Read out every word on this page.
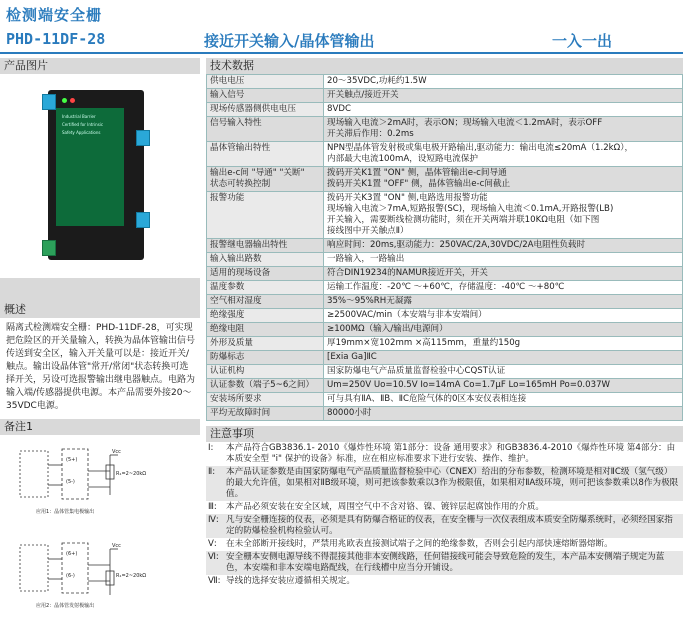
检测端安全栅
PHD-11DF-28	接近开关输入/晶体管输出	一入一出
产品图片
Industrial Barrier
Certified for Intrinsic
Safety Applications
概述
隔离式检测端安全栅：PHD-11DF-28，可实现把危险区的开关量输入，转换为晶体管输出信号传送到安全区，输入开关量可以是：接近开关/触点。输出设晶体管"常开/常闭"状态转换可选择开关，另设可选报警输出继电器触点。电路为输入端/传感器提供电源。本产品需要外接20～35VDC电源。
备注1
Vcc
R₁=2~20kΩ
(5+)
(5-)
应用1：晶体管集电极输出
Vcc
R₁=2~20kΩ
(6+)
(6-)
应用2：晶体管发射极输出
技术数据
供电电压	20～35VDC,功耗约1.5W
输入信号	开关触点/接近开关
现场传感器侧供电电压	8VDC
信号输入特性	现场输入电流＞2mA时，表示ON；现场输入电流＜1.2mA时，表示OFF
开关滞后作用：0.2ms
晶体管输出特性	NPN型晶体管发射极或集电极开路输出,驱动能力：输出电流≤20mA（1.2kΩ），
内部最大电流100mA，设短路电流保护
输出e-c间 "导通" "关断"
状态可转换控制	拨码开关K1置 "ON" 侧，晶体管输出e-c间导通
拨码开关K1置 "OFF" 侧，晶体管输出e-c间截止
报警功能	拨码开关K3置 "ON" 侧,电路选用报警功能
现场输入电流＞7mA,短路报警(SC)，现场输入电流＜0.1mA,开路报警(LB)
开关输入，需要断线检测功能时，须在开关两端并联10KΩ电阻（如下图
接线图中开关触点Ⅱ）
报警继电器输出特性	响应时间：20ms,驱动能力：250VAC/2A,30VDC/2A电阻性负载时
输入输出路数	一路输入，一路输出
适用的现场设备	符合DIN19234的NAMUR接近开关，开关
温度参数	运输工作温度：-20℃ ～+60℃，存储温度：-40℃ ～+80℃
空气相对湿度	35%～95%RH无凝露
绝缘强度	≥2500VAC/min（本安端与非本安端间）
绝缘电阻	≥100MΩ（输入/输出/电源间）
外形及质量	厚19mm×宽102mm ×高115mm，重量约150g
防爆标志	[Exia Ga]ⅡC
认证机构	国家防爆电气产品质量监督检验中心CQST认证
认证参数（端子5~6之间）	Um=250V Uo=10.5V Io=14mA Co=1.7μF Lo=165mH Po=0.037W
安装场所要求	可与具有ⅡA、ⅡB、ⅡC危险气体的0区本安仪表相连接
平均无故障时间	80000小时
注意事项
Ⅰ:	本产品符合GB3836.1- 2010《爆炸性环境 第1部分：设备 通用要求》和GB3836.4-2010《爆炸性环境 第4部分：由本质安全型 "i" 保护的设备》标准，应在相应标准要求下进行安装、操作、维护。
Ⅱ:	本产品认证参数是由国家防爆电气产品质量监督检验中心（CNEX）给出的分布参数，检测环境是相对ⅡC级（氢气级）的最大允许值，如果相对ⅡB级环境，则可把该参数乘以3作为极限值，如果相对ⅡA级环境，则可把该参数乘以8作为极限值。
Ⅲ:	本产品必须安装在安全区域，周围空气中不含对铬、镍、镀锌层起腐蚀作用的介质。
Ⅳ: 凡与安全栅连接的仪表，必须是具有防爆合格证的仪表，在安全栅与一次仪表组成本质安全防爆系统时，必须经国家指定的防爆检验机构检验认可。
Ⅴ:	在未全部断开接线时，严禁用兆欧表直接测试端子之间的绝缘参数，否则会引起内部快速熔断器熔断。
Ⅵ: 安全栅本安侧电源导线不得混接其他非本安侧线路，任何错接线可能会导致危险的发生，本产品本安侧端子规定为蓝色，本安端和非本安端电路配线，在行线槽中应当分开铺设。
Ⅶ: 导线的选择安装应遵循相关规定。
